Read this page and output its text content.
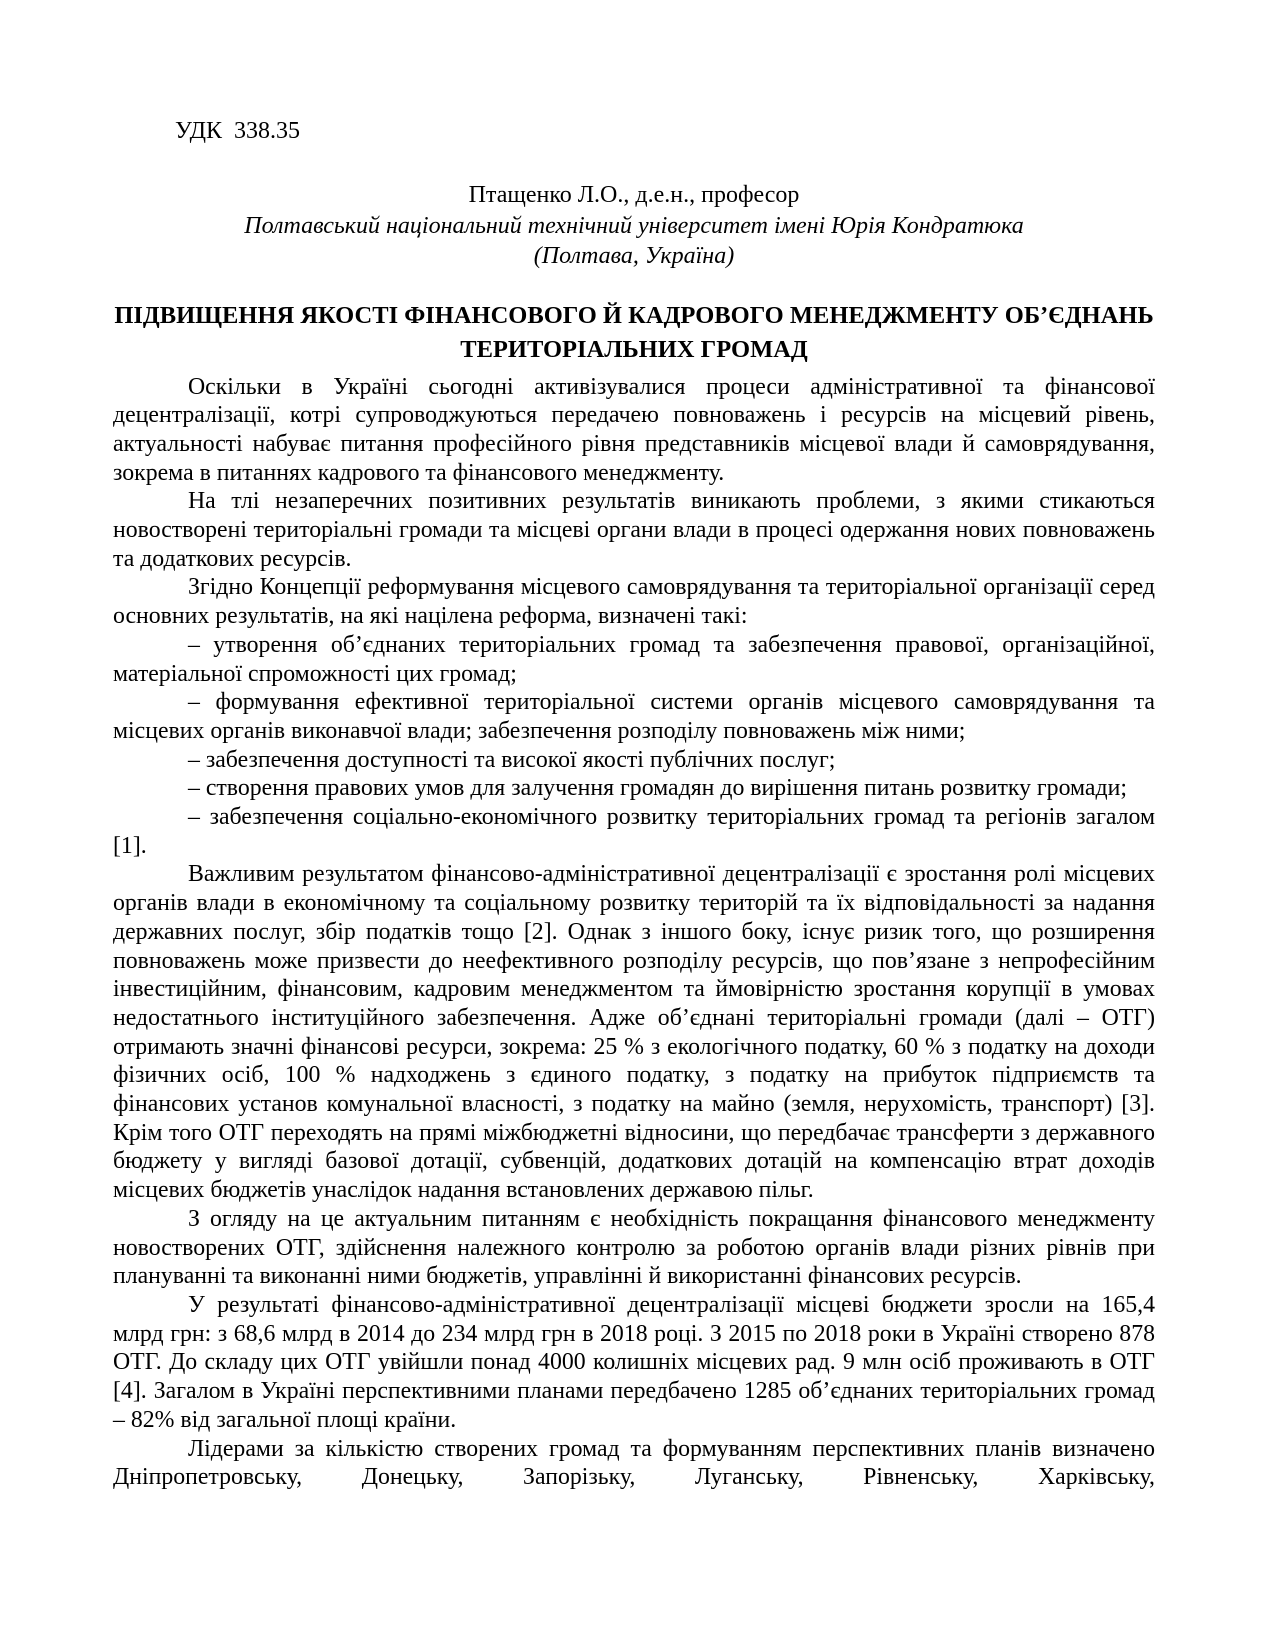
УДК  338.35

Птащенко Л.О., д.е.н., професор

Полтавський національний технічний університет імені Юрія Кондратюка

(Полтава, Україна)

ПІДВИЩЕННЯ ЯКОСТІ ФІНАНСОВОГО Й КАДРОВОГО МЕНЕДЖМЕНТУ ОБ’ЄДНАНЬ ТЕРИТОРІАЛЬНИХ ГРОМАД

Оскільки в Україні сьогодні активізувалися процеси адміністративної та фінансової децентралізації, котрі супроводжуються передачею повноважень і ресурсів на місцевий рівень, актуальності набуває питання професійного рівня представників місцевої влади й самоврядування, зокрема в питаннях кадрового та фінансового менеджменту.

На тлі незаперечних позитивних результатів виникають проблеми, з якими стикаються новостворені територіальні громади та місцеві органи влади в процесі одержання нових повноважень та додаткових ресурсів.

Згідно Концепції реформування місцевого самоврядування та територіальної організації серед основних результатів, на які націлена реформа, визначені такі:

– утворення об’єднаних територіальних громад та забезпечення правової, організаційної, матеріальної спроможності цих громад;

– формування ефективної територіальної системи органів місцевого самоврядування та місцевих органів виконавчої влади; забезпечення розподілу повноважень між ними;

– забезпечення доступності та високої якості публічних послуг;

– створення правових умов для залучення громадян до вирішення питань розвитку громади;

– забезпечення соціально-економічного розвитку територіальних громад та регіонів загалом [1].

Важливим результатом фінансово-адміністративної децентралізації є зростання ролі місцевих органів влади в економічному та соціальному розвитку територій та їх відповідальності за надання державних послуг, збір податків тощо [2]. Однак з іншого боку, існує ризик того, що розширення повноважень може призвести до неефективного розподілу ресурсів, що пов’язане з непрофесійним інвестиційним, фінансовим, кадровим менеджментом та ймовірністю зростання корупції в умовах недостатнього інституційного забезпечення. Адже об’єднані територіальні громади (далі – ОТГ) отримають значні фінансові ресурси, зокрема: 25 % з екологічного податку, 60 % з податку на доходи фізичних осіб, 100 % надходжень з єдиного податку, з податку на прибуток підприємств та фінансових установ комунальної власності, з податку на майно (земля, нерухомість, транспорт) [3]. Крім того ОТГ переходять на прямі міжбюджетні відносини, що передбачає трансферти з державного бюджету у вигляді базової дотації, субвенцій, додаткових дотацій на компенсацію втрат доходів місцевих бюджетів унаслідок надання встановлених державою пільг.

З огляду на це актуальним питанням є необхідність покращання фінансового менеджменту новостворених ОТГ, здійснення належного контролю за роботою органів влади різних рівнів при плануванні та виконанні ними бюджетів, управлінні й використанні фінансових ресурсів.

У результаті фінансово-адміністративної децентралізації місцеві бюджети зросли на 165,4 млрд грн: з 68,6 млрд в 2014 до 234 млрд грн в 2018 році. З 2015 по 2018 роки в Україні створено 878 ОТГ. До складу цих ОТГ увійшли понад 4000 колишніх місцевих рад. 9 млн осіб проживають в ОТГ [4]. Загалом в Україні перспективними планами передбачено 1285 об’єднаних територіальних громад – 82% від загальної площі країни.

Лідерами за кількістю створених громад та формуванням перспективних планів визначено Дніпропетровську, Донецьку, Запорізьку, Луганську, Рівненську, Харківську,
